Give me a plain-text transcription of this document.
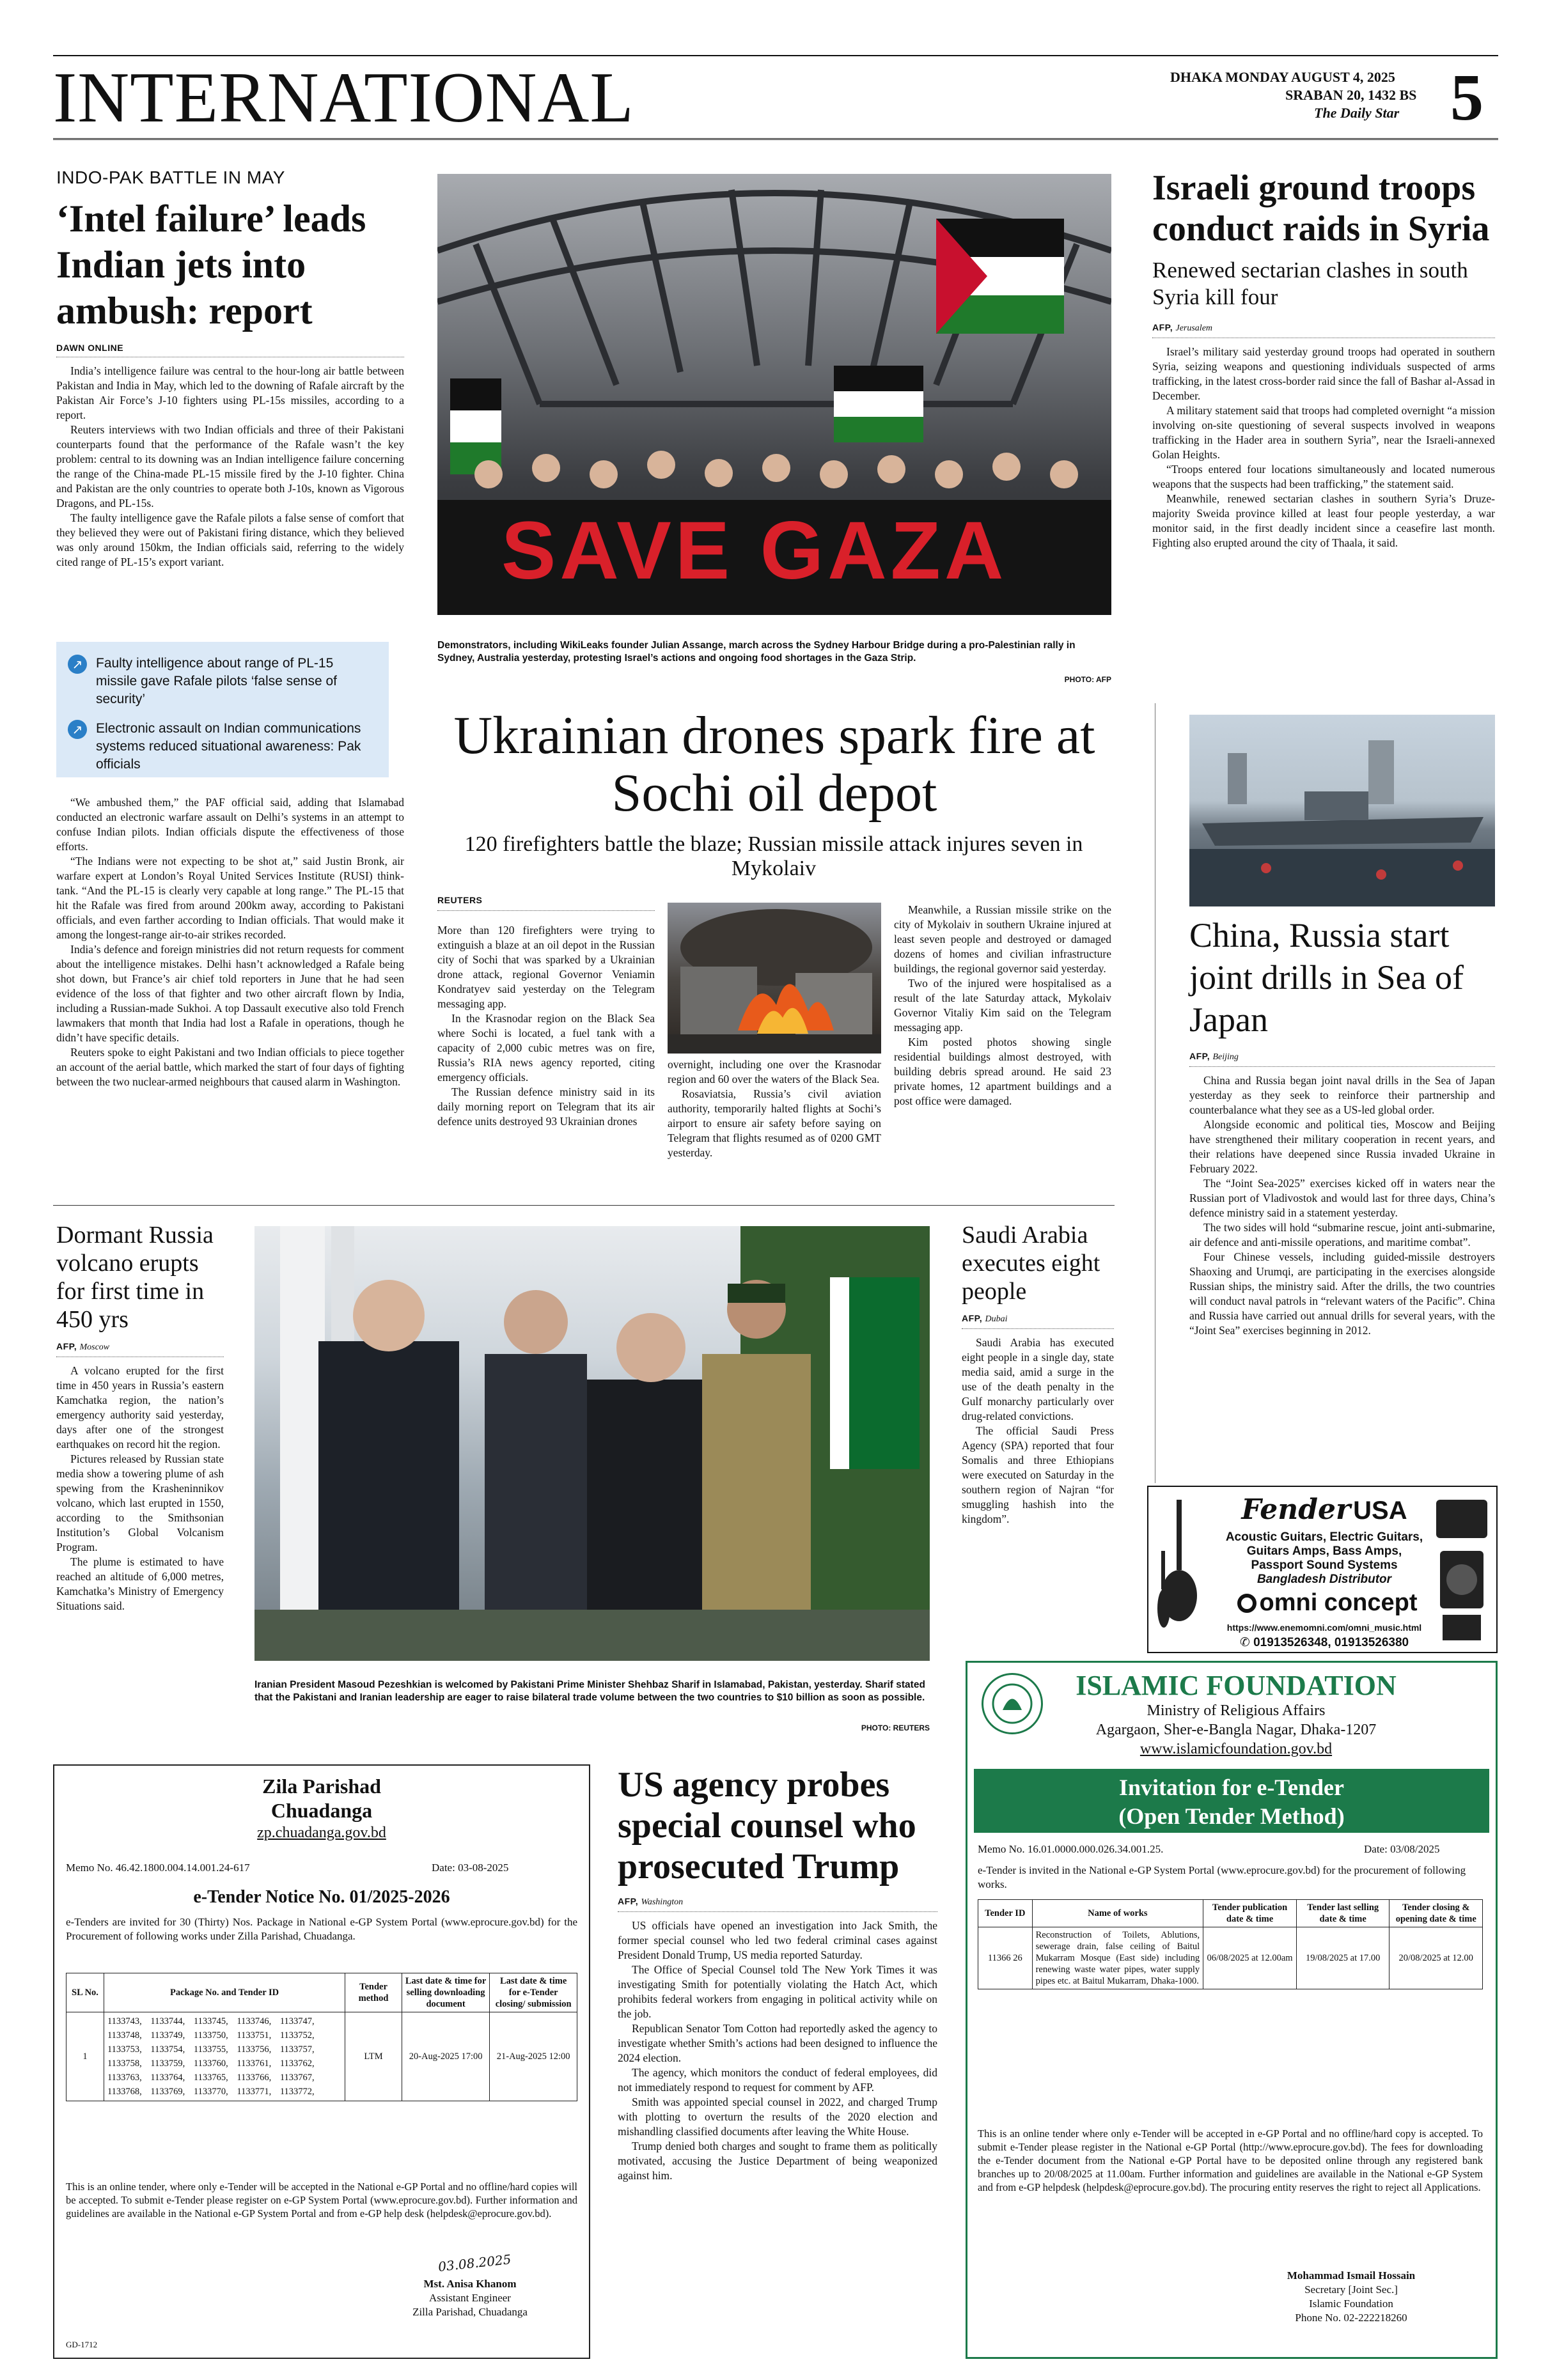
INTERNATIONAL	DHAKA MONDAY AUGUST 4, 2025
SRABAN 20, 1432 BS
The Daily Star 5
INDO-PAK BATTLE IN MAY
‘Intel failure’ leads Indian jets into ambush: report
DAWN ONLINE

India’s intelligence failure was central to the hour-long air battle between Pakistan and India in May, which led to the downing of Rafale aircraft by the Pakistan Air Force’s J-10 fighters using PL-15s missiles, according to a report.

Reuters interviews with two Indian officials and three of their Pakistani counterparts found that the performance of the Rafale wasn’t the key problem: central to its downing was an Indian intelligence failure concerning the range of the China-made PL-15 missile fired by the J-10 fighter. China and Pakistan are the only countries to operate both J-10s, known as Vigorous Dragons, and PL-15s.

The faulty intelligence gave the Rafale pilots a false sense of comfort that they believed they were out of Pakistani firing distance, which they believed was only around 150km, the Indian officials said, referring to the widely cited range of PL-15’s export variant.

↗ Faulty intelligence about range of PL-15 missile gave Rafale pilots ‘false sense of security’
↗ Electronic assault on Indian communications systems reduced situational awareness: Pak officials

“We ambushed them,” the PAF official said, adding that Islamabad conducted an electronic warfare assault on Delhi’s systems in an attempt to confuse Indian pilots. Indian officials dispute the effectiveness of those efforts.

“The Indians were not expecting to be shot at,” said Justin Bronk, air warfare expert at London’s Royal United Services Institute (RUSI) think-tank. “And the PL-15 is clearly very capable at long range.” The PL-15 that hit the Rafale was fired from around 200km away, according to Pakistani officials, and even farther according to Indian officials. That would make it among the longest-range air-to-air strikes recorded.

India’s defence and foreign ministries did not return requests for comment about the intelligence mistakes. Delhi hasn’t acknowledged a Rafale being shot down, but France’s air chief told reporters in June that he had seen evidence of the loss of that fighter and two other aircraft flown by India, including a Russian-made Sukhoi. A top Dassault executive also told French lawmakers that month that India had lost a Rafale in operations, though he didn’t have specific details.

Reuters spoke to eight Pakistani and two Indian officials to piece together an account of the aerial battle, which marked the start of four days of fighting between the two nuclear-armed neighbours that caused alarm in Washington.

SAVE GAZA
Demonstrators, including WikiLeaks founder Julian Assange, march across the Sydney Harbour Bridge during a pro-Palestinian rally in Sydney, Australia yesterday, protesting Israel’s actions and ongoing food shortages in the Gaza Strip.
PHOTO: AFP
Ukrainian drones spark fire at Sochi oil depot
120 firefighters battle the blaze; Russian missile attack injures seven in Mykolaiv
REUTERS

More than 120 firefighters were trying to extinguish a blaze at an oil depot in the Russian city of Sochi that was sparked by a Ukrainian drone attack, regional Governor Veniamin Kondratyev said yesterday on the Telegram messaging app.

In the Krasnodar region on the Black Sea where Sochi is located, a fuel tank with a capacity of 2,000 cubic metres was on fire, Russia’s RIA news agency reported, citing emergency officials.

The Russian defence ministry said in its daily morning report on Telegram that its air defence units destroyed 93 Ukrainian drones

overnight, including one over the Krasnodar region and 60 over the waters of the Black Sea.

Rosaviatsia, Russia’s civil aviation authority, temporarily halted flights at Sochi’s airport to ensure air safety before saying on Telegram that flights resumed as of 0200 GMT yesterday.

Meanwhile, a Russian missile strike on the city of Mykolaiv in southern Ukraine injured at least seven people and destroyed or damaged dozens of homes and civilian infrastructure buildings, the regional governor said yesterday.

Two of the injured were hospitalised as a result of the late Saturday attack, Mykolaiv Governor Vitaliy Kim said on the Telegram messaging app.

Kim posted photos showing single residential buildings almost destroyed, with building debris spread around. He said 23 private homes, 12 apartment buildings and a post office were damaged.

Israeli ground troops conduct raids in Syria
Renewed sectarian clashes in south Syria kill four
AFP, Jerusalem

Israel’s military said yesterday ground troops had operated in southern Syria, seizing weapons and questioning individuals suspected of arms trafficking, in the latest cross-border raid since the fall of Bashar al-Assad in December.

A military statement said that troops had completed overnight “a mission involving on-site questioning of several suspects involved in weapons trafficking in the Hader area in southern Syria”, near the Israeli-annexed Golan Heights.

“Troops entered four locations simultaneously and located numerous weapons that the suspects had been trafficking,” the statement said.

Meanwhile, renewed sectarian clashes in southern Syria’s Druze-majority Sweida province killed at least four people yesterday, a war monitor said, in the first deadly incident since a ceasefire last month. Fighting also erupted around the city of Thaala, it said.

China, Russia start joint drills in Sea of Japan
AFP, Beijing

China and Russia began joint naval drills in the Sea of Japan yesterday as they seek to reinforce their partnership and counterbalance what they see as a US-led global order.

Alongside economic and political ties, Moscow and Beijing have strengthened their military cooperation in recent years, and their relations have deepened since Russia invaded Ukraine in February 2022.

The “Joint Sea-2025” exercises kicked off in waters near the Russian port of Vladivostok and would last for three days, China’s defence ministry said in a statement yesterday.

The two sides will hold “submarine rescue, joint anti-submarine, air defence and anti-missile operations, and maritime combat”.

Four Chinese vessels, including guided-missile destroyers Shaoxing and Urumqi, are participating in the exercises alongside Russian ships, the ministry said. After the drills, the two countries will conduct naval patrols in “relevant waters of the Pacific”. China and Russia have carried out annual drills for several years, with the “Joint Sea” exercises beginning in 2012.

Dormant Russia volcano erupts for first time in 450 yrs
AFP, Moscow

A volcano erupted for the first time in 450 years in Russia’s eastern Kamchatka region, the nation’s emergency authority said yesterday, days after one of the strongest earthquakes on record hit the region.

Pictures released by Russian state media show a towering plume of ash spewing from the Krasheninnikov volcano, which last erupted in 1550, according to the Smithsonian Institution’s Global Volcanism Program.

The plume is estimated to have reached an altitude of 6,000 metres, Kamchatka’s Ministry of Emergency Situations said.

Iranian President Masoud Pezeshkian is welcomed by Pakistani Prime Minister Shehbaz Sharif in Islamabad, Pakistan, yesterday. Sharif stated that the Pakistani and Iranian leadership are eager to raise bilateral trade volume between the two countries to $10 billion as soon as possible.
PHOTO: REUTERS
Saudi Arabia executes eight people
AFP, Dubai

Saudi Arabia has executed eight people in a single day, state media said, amid a surge in the use of the death penalty in the Gulf monarchy particularly over drug-related convictions.

The official Saudi Press Agency (SPA) reported that four Somalis and three Ethiopians were executed on Saturday in the southern region of Najran “for smuggling hashish into the kingdom”.	Fender USA
Acoustic Guitars, Electric Guitars,
Guitars Amps, Bass Amps,
Passport Sound Systems
Bangladesh Distributor
omni concept
https://www.enemomni.com/omni_music.html
✆ 01913526348, 01913526380
ISLAMIC FOUNDATION
Ministry of Religious Affairs
Agargaon, Sher-e-Bangla Nagar, Dhaka-1207
www.islamicfoundation.gov.bd
Invitation for e-Tender
(Open Tender Method)
Memo No. 16.01.0000.000.026.34.001.25.	Date: 03/08/2025
e-Tender is invited in the National e-GP System Portal (www.eprocure.gov.bd) for the procurement of following works.
Tender ID	Name of works	Tender publication date & time	Tender last selling date & time	Tender closing & opening date & time
11366 26	Reconstruction of Toilets, Ablutions, sewerage drain, false ceiling of Baitul Mukarram Mosque (East side) including renewing waste water pipes, water supply pipes etc. at Baitul Mukarram, Dhaka-1000.	06/08/2025 at 12.00am	19/08/2025 at 17.00	20/08/2025 at 12.00
This is an online tender where only e-Tender will be accepted in e-GP Portal and no offline/hard copy is accepted. To submit e-Tender please register in the National e-GP Portal (http://www.eprocure.gov.bd). The fees for downloading the e-Tender document from the National e-GP Portal have to be deposited online through any registered bank branches up to 20/08/2025 at 11.00am. Further information and guidelines are available in the National e-GP System and from e-GP helpdesk (helpdesk@eprocure.gov.bd). The procuring entity reserves the right to reject all Applications.
Mohammad Ismail Hossain
Secretary [Joint Sec.]
Islamic Foundation
Phone No. 02-222218260
Zila Parishad
Chuadanga
zp.chuadanga.gov.bd
Memo No. 46.42.1800.004.14.001.24-617	Date: 03-08-2025
e-Tender Notice No. 01/2025-2026
e-Tenders are invited for 30 (Thirty) Nos. Package in National e-GP System Portal (www.eprocure.gov.bd) for the Procurement of following works under Zilla Parishad, Chuadanga.
SL No.	Package No. and Tender ID	Tender method	Last date & time for selling downloading document	Last date & time for e-Tender closing/ submission
1	1133743, 1133744, 1133745, 1133746, 1133747, 1133748, 1133749, 1133750, 1133751, 1133752, 1133753, 1133754, 1133755, 1133756, 1133757, 1133758, 1133759, 1133760, 1133761, 1133762, 1133763, 1133764, 1133765, 1133766, 1133767, 1133768, 1133769, 1133770, 1133771, 1133772,	LTM	20-Aug-2025 17:00	21-Aug-2025 12:00
This is an online tender, where only e-Tender will be accepted in the National e-GP Portal and no offline/hard copies will be accepted. To submit e-Tender please register on e-GP System Portal (www.eprocure.gov.bd). Further information and guidelines are available in the National e-GP System Portal and from e-GP help desk (helpdesk@eprocure.gov.bd).
03.08.2025
Mst. Anisa Khanom
Assistant Engineer
Zilla Parishad, Chuadanga
GD-1712
US agency probes special counsel who prosecuted Trump
AFP, Washington

US officials have opened an investigation into Jack Smith, the former special counsel who led two federal criminal cases against President Donald Trump, US media reported Saturday.

The Office of Special Counsel told The New York Times it was investigating Smith for potentially violating the Hatch Act, which prohibits federal workers from engaging in political activity while on the job.

Republican Senator Tom Cotton had reportedly asked the agency to investigate whether Smith’s actions had been designed to influence the 2024 election.

The agency, which monitors the conduct of federal employees, did not immediately respond to request for comment by AFP.

Smith was appointed special counsel in 2022, and charged Trump with plotting to overturn the results of the 2020 election and mishandling classified documents after leaving the White House.

Trump denied both charges and sought to frame them as politically motivated, accusing the Justice Department of being weaponized against him.
